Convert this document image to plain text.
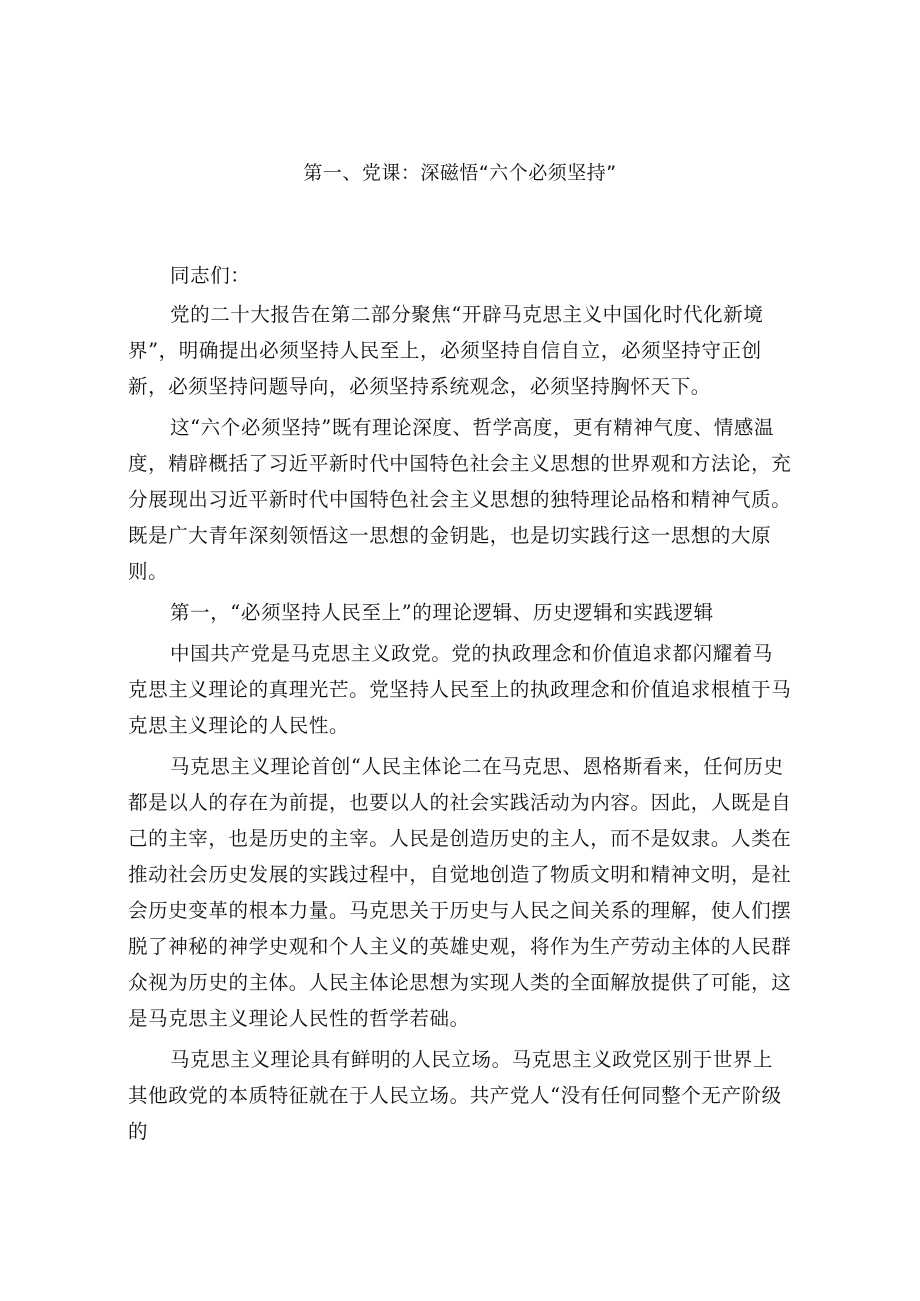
第一、党课：深磁悟“六个必须坚持”

同志们：

党的二十大报告在第二部分聚焦“开辟马克思主义中国化时代化新境界”，明确提出必须坚持人民至上，必须坚持自信自立，必须坚持守正创新，必须坚持问题导向，必须坚持系统观念，必须坚持胸怀天下。

这“六个必须坚持”既有理论深度、哲学高度，更有精神气度、情感温度，精辟概括了习近平新时代中国特色社会主义思想的世界观和方法论，充分展现出习近平新时代中国特色社会主义思想的独特理论品格和精神气质。既是广大青年深刻领悟这一思想的金钥匙，也是切实践行这一思想的大原则。

第一，“必须坚持人民至上”的理论逻辑、历史逻辑和实践逻辑

中国共产党是马克思主义政党。党的执政理念和价值追求都闪耀着马克思主义理论的真理光芒。党坚持人民至上的执政理念和价值追求根植于马克思主义理论的人民性。

马克思主义理论首创“人民主体论二在马克思、恩格斯看来，任何历史都是以人的存在为前提，也要以人的社会实践活动为内容。因此，人既是自己的主宰，也是历史的主宰。人民是创造历史的主人，而不是奴隶。人类在推动社会历史发展的实践过程中，自觉地创造了物质文明和精神文明，是社会历史变革的根本力量。马克思关于历史与人民之间关系的理解，使人们摆脱了神秘的神学史观和个人主义的英雄史观，将作为生产劳动主体的人民群众视为历史的主体。人民主体论思想为实现人类的全面解放提供了可能，这是马克思主义理论人民性的哲学若础。

马克思主义理论具有鲜明的人民立场。马克思主义政党区别于世界上其他政党的本质特征就在于人民立场。共产党人“没有任何同整个无产阶级的
